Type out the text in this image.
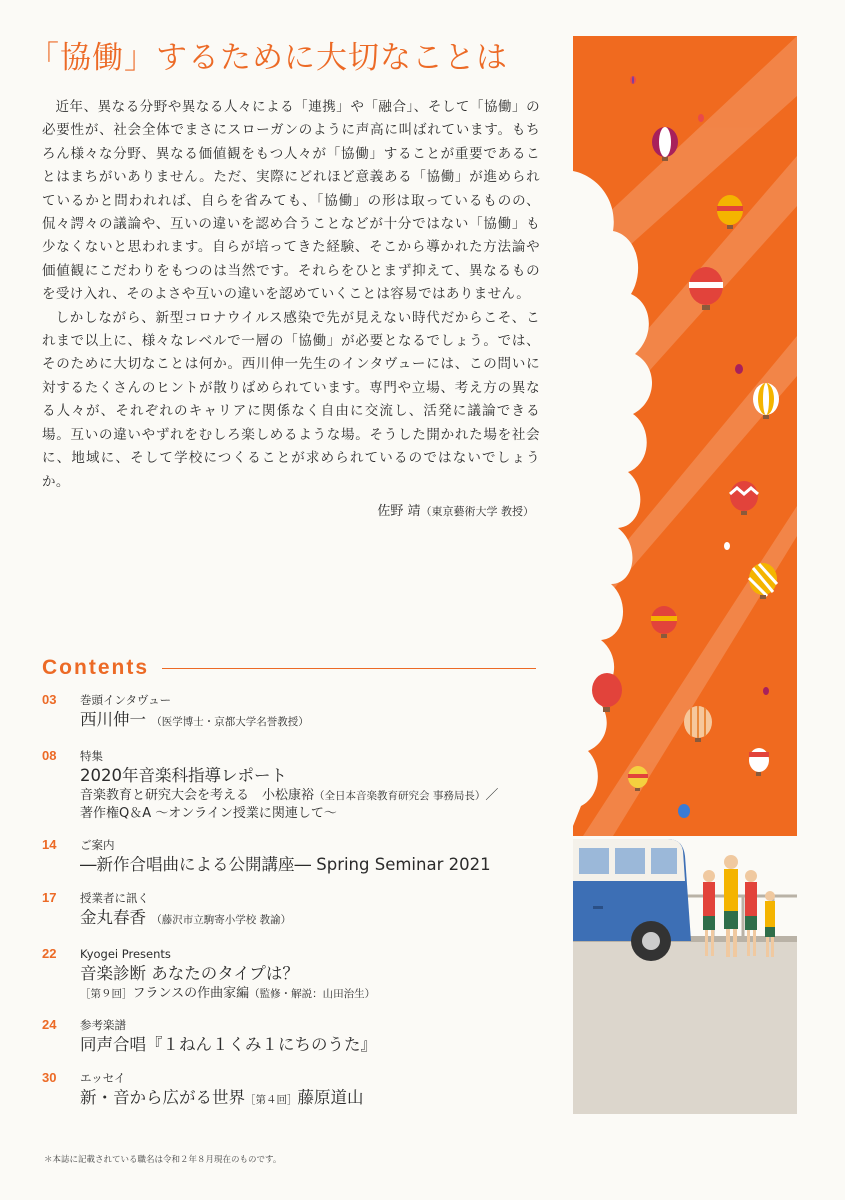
「協働」するために大切なことは

近年、異なる分野や異なる人々による「連携」や「融合」、そして「協働」の必要性が、社会全体でまさにスローガンのように声高に叫ばれています。もちろん様々な分野、異なる価値観をもつ人々が「協働」することが重要であることはまちがいありません。ただ、実際にどれほど意義ある「協働」が進められているかと問われれば、自らを省みても、「協働」の形は取っているものの、侃々諤々の議論や、互いの違いを認め合うことなどが十分ではない「協働」も少なくないと思われます。自らが培ってきた経験、そこから導かれた方法論や価値観にこだわりをもつのは当然です。それらをひとまず抑えて、異なるものを受け入れ、そのよさや互いの違いを認めていくことは容易ではありません。

しかしながら、新型コロナウイルス感染で先が見えない時代だからこそ、これまで以上に、様々なレベルで一層の「協働」が必要となるでしょう。では、そのために大切なことは何か。西川伸一先生のインタヴューには、この問いに対するたくさんのヒントが散りばめられています。専門や立場、考え方の異なる人々が、それぞれのキャリアに関係なく自由に交流し、活発に議論できる場。互いの違いやずれをむしろ楽しめるような場。そうした開かれた場を社会に、地域に、そして学校につくることが求められているのではないでしょうか。

佐野 靖（東京藝術大学 教授）
Contents
03 巻頭インタヴュー
西川伸一 （医学博士・京都大学名誉教授）
08 特集
2020年音楽科指導レポート
音楽教育と研究大会を考える　小松康裕（全日本音楽教育研究会 事務局長）／
著作権Q＆A ～オンライン授業に関連して～
14 ご案内
―新作合唱曲による公開講座― Spring Seminar 2021
17 授業者に訊く
金丸春香 （藤沢市立駒寄小学校 教諭）
22 Kyogei Presents
音楽診断 あなたのタイプは？
［第９回］フランスの作曲家編（監修・解説：山田治生）
24 参考楽譜
同声合唱『１ねん１くみ１にちのうた』
30 エッセイ
新・音から広がる世界［第４回］藤原道山
＊本誌に記載されている職名は令和２年８月現在のものです。
